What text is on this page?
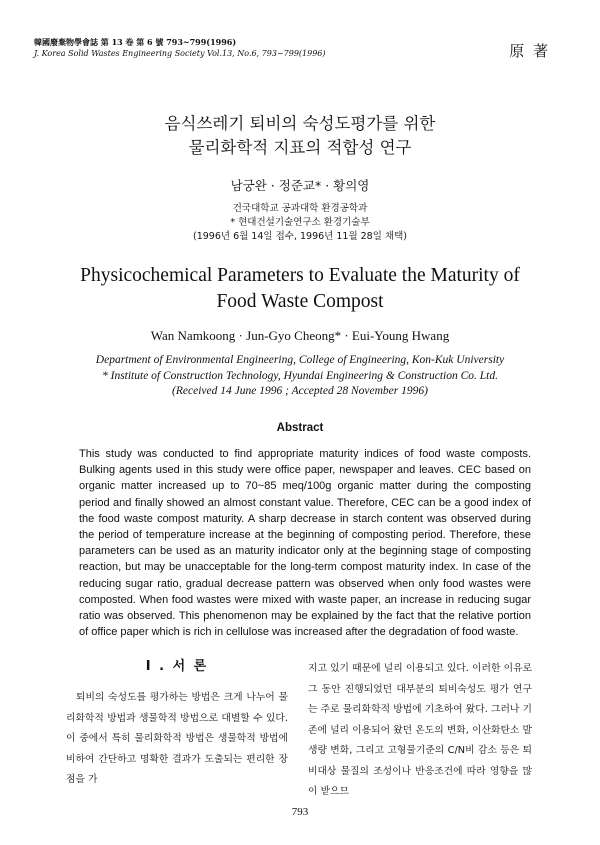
韓國廢棄物學會誌 第 13 卷 第 6 號 793~799(1996)
J. Korea Solid Wastes Engineering Society Vol.13, No.6, 793~799(1996)	原 著
음식쓰레기 퇴비의 숙성도평가를 위한
물리화학적 지표의 적합성 연구
남궁완 · 정준교* · 황의영
건국대학교 공과대학 환경공학과
* 현대건설기술연구소 환경기술부
(1996년 6월 14일 접수, 1996년 11월 28일 채택)
Physicochemical Parameters to Evaluate the Maturity of
Food Waste Compost
Wan Namkoong · Jun-Gyo Cheong* · Eui-Young Hwang
Department of Environmental Engineering, College of Engineering, Kon-Kuk University
* Institute of Construction Technology, Hyundai Engineering & Construction Co. Ltd.
(Received 14 June 1996 ; Accepted 28 November 1996)
Abstract
This study was conducted to find appropriate maturity indices of food waste composts. Bulking agents used in this study were office paper, newspaper and leaves. CEC based on organic matter increased up to 70~85 meq/100g organic matter during the composting period and finally showed an almost constant value. Therefore, CEC can be a good index of the food waste compost maturity. A sharp decrease in starch content was observed during the period of temperature increase at the beginning of composting period. Therefore, these parameters can be used as an maturity indicator only at the beginning stage of composting reaction, but may be unacceptable for the long-term compost maturity index. In case of the reducing sugar ratio, gradual decrease pattern was observed when only food wastes were composted. When food wastes were mixed with waste paper, an increase in reducing sugar ratio was observed. This phenomenon may be explained by the fact that the relative portion of office paper which is rich in cellulose was increased after the degradation of food waste.
I . 서 론
퇴비의 숙성도를 평가하는 방법은 크게 나누어 물리화학적 방법과 생물학적 방법으로 대별할 수 있다. 이 중에서 특히 물리화학적 방법은 생물학적 방법에 비하여 간단하고 명확한 결과가 도출되는 편리한 장점을 가
지고 있기 때문에 널리 이용되고 있다. 이러한 이유로 그 동안 진행되었던 대부분의 퇴비숙성도 평가 연구는 주로 물리화학적 방법에 기초하여 왔다. 그러나 기존에 널리 이용되어 왔던 온도의 변화, 이산화탄소 발생량 변화, 그리고 고형물기준의 C/N비 감소 등은 퇴비대상 물질의 조성이나 반응조건에 따라 영향을 많이 받으므
793
